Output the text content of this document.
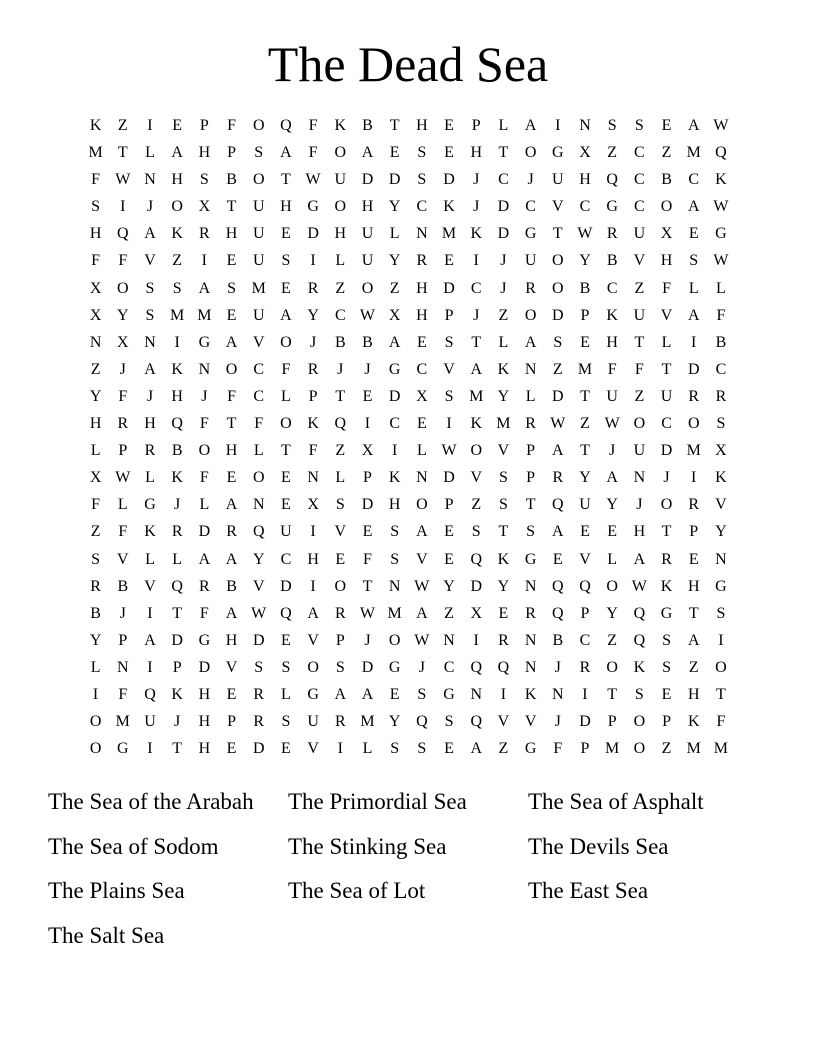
The Dead Sea
K	Z	I	E	P	F	O Q	F	K	B	T	H	E	P	L	A	I	N	S	S	E	A W
M T	L	A H	P	S	A	F	O A	E	S	E	H	T	O G X	Z	C	Z M Q
F W N H	S	B	O	T W U D D	S	D	J	C	J	U H Q	C	B	C	K
S	I	J	O X	T	U H G O H Y	C	K	J	D	C	V	C	G	C	O A W
H Q A K	R	H U	E	D H U	L	N M K D G	T W R	U X	E	G
F	F	V	Z	I	E	U	S	I	L	U Y	R	E	I	J	U O Y	B	V H	S W
X O	S	S	A	S M E	R	Z	O	Z	H D	C	J	R	O	B	C	Z	F	L	L
X Y	S M M E	U A Y	C W X H	P	J	Z	O D	P	K U V A	F
N X N	I	G A V O	J	B	B	A	E	S	T	L	A	S	E	H	T	L	I	B
Z	J	A K N O	C	F	R	J	J	G	C	V A K N	Z M F	F	T	D	C
Y	F	J	H	J	F	C	L	P	T	E	D X	S M Y	L	D	T	U	Z	U	R	R
H	R	H Q	F	T	F	O K Q	I	C	E	I	K M R W Z W O	C	O	S
L	P	R	B	O H	L	T	F	Z	X	I	L W O V	P	A	T	J	U D M X
X W L	K	F	E	O	E	N	L	P	K N D V	S	P	R	Y A N	J	I	K
F	L	G	J	L	A N	E	X	S	D H O	P	Z	S	T	Q U Y	J	O	R	V
Z	F	K	R	D	R	Q U	I	V	E	S	A	E	S	T	S	A	E	E	H	T	P	Y
S	V	L	L	A A Y	C	H	E	F	S	V	E	Q K G	E	V	L	A	R	E	N
R	B	V Q	R	B	V D	I	O	T	N W Y D Y N Q Q O W K H G
B	J	I	T	F	A W Q A	R W M A	Z	X	E	R	Q	P	Y Q G	T	S
Y	P	A D G H D	E	V	P	J	O W N	I	R	N	B	C	Z	Q	S	A	I
L	N	I	P	D V	S	S	O	S	D G	J	C	Q Q N	J	R	O K	S	Z	O
I	F	Q K H	E	R	L	G A A	E	S	G N	I	K N	I	T	S	E	H	T
O M U	J	H	P	R	S	U	R M Y Q	S	Q V V	J	D	P	O	P	K	F
O G	I	T	H	E	D	E	V	I	L	S	S	E	A	Z	G	F	P M O	Z M M
The Sea of the Arabah	The Primordial Sea	The Sea of Asphalt
The Sea of Sodom	The Stinking Sea	The Devils Sea
The Plains Sea	The Sea of Lot	The East Sea
The Salt Sea
